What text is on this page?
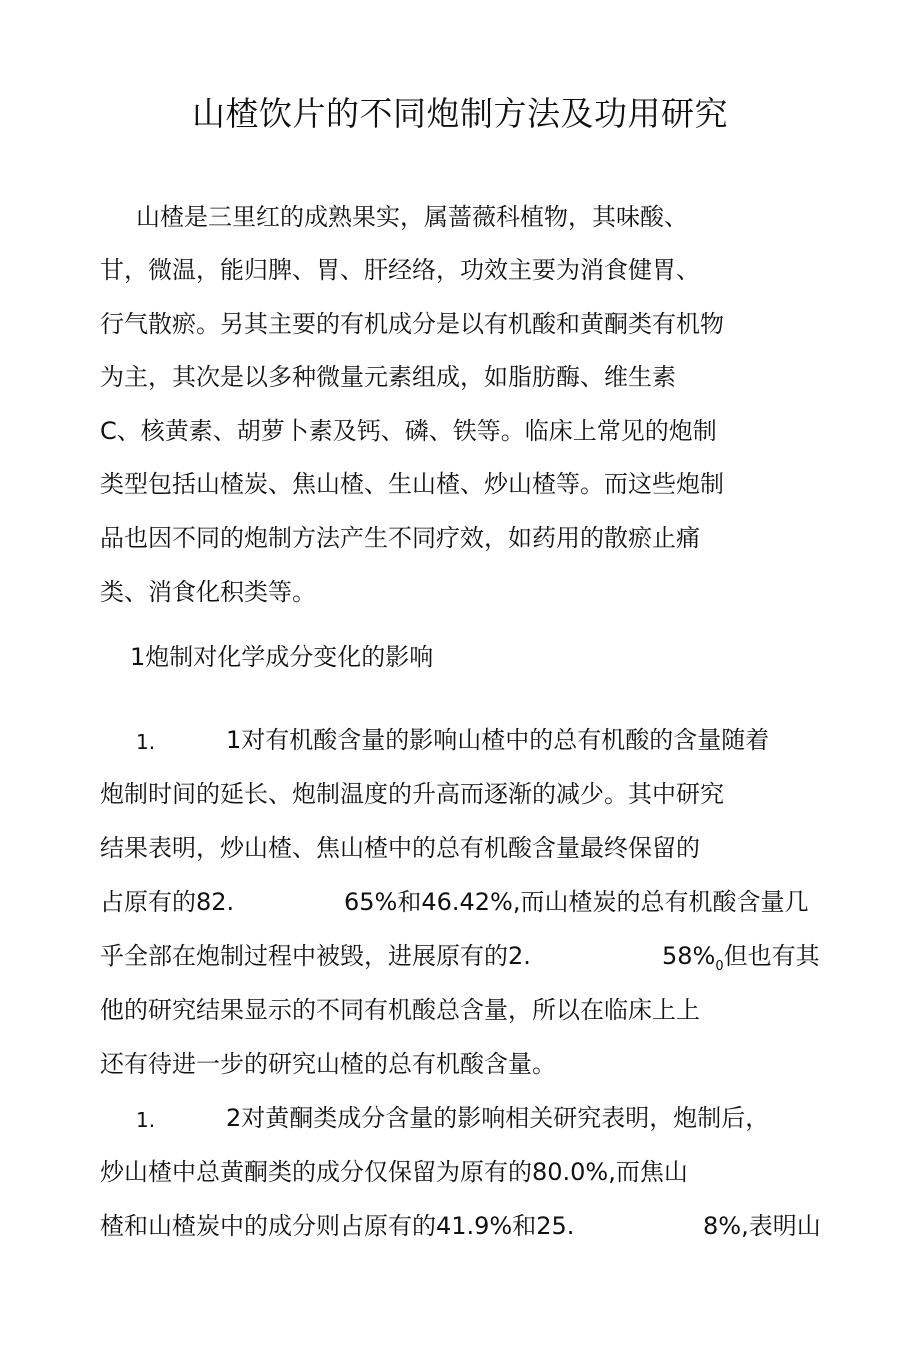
山楂饮片的不同炮制方法及功用研究

山楂是三里红的成熟果实，属蔷薇科植物，其味酸、

甘，微温，能归脾、胃、肝经络，功效主要为消食健胃、

行气散瘀。另其主要的有机成分是以有机酸和黄酮类有机物

为主，其次是以多种微量元素组成，如脂肪酶、维生素

C、核黄素、胡萝卜素及钙、磷、铁等。临床上常见的炮制

类型包括山楂炭、焦山楂、生山楂、炒山楂等。而这些炮制

品也因不同的炮制方法产生不同疗效，如药用的散瘀止痛

类、消食化积类等。

1炮制对化学成分变化的影响

1.	1对有机酸含量的影响山楂中的总有机酸的含量随着

炮制时间的延长、炮制温度的升高而逐渐的减少。其中研究

结果表明，炒山楂、焦山楂中的总有机酸含量最终保留的

占原有的82.	65%和46.42%,而山楂炭的总有机酸含量几
乎全部在炮制过程中被毁，进展原有的2.	$58\%_0$但也有其

他的研究结果显示的不同有机酸总含量，所以在临床上上

还有待进一步的研究山楂的总有机酸含量。

1.	2对黄酮类成分含量的影响相关研究表明，炮制后，

炒山楂中总黄酮类的成分仅保留为原有的80.0%,而焦山

楂和山楂炭中的成分则占原有的41.9%和25.	8%,表明山
